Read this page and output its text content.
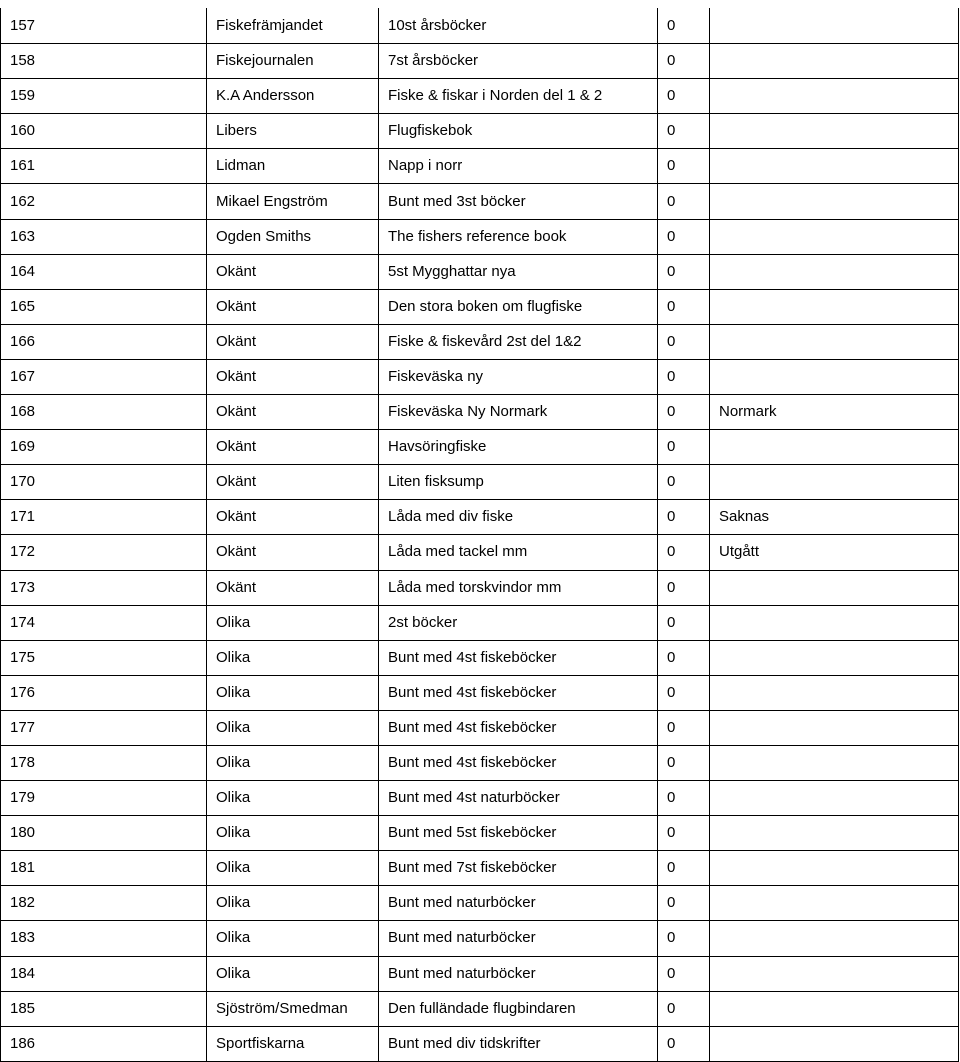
157	Fiskefrämjandet	10st årsböcker	0	
158	Fiskejournalen	7st årsböcker	0	
159	K.A Andersson	Fiske & fiskar i Norden del 1 & 2	0	
160	Libers	Flugfiskebok	0	
161	Lidman	Napp i norr	0	
162	Mikael Engström	Bunt med 3st böcker	0	
163	Ogden Smiths	The fishers reference book	0	
164	Okänt	5st Mygghattar nya	0	
165	Okänt	Den stora boken om flugfiske	0	
166	Okänt	Fiske & fiskevård 2st del 1&2	0	
167	Okänt	Fiskeväska ny	0	
168	Okänt	Fiskeväska Ny Normark	0	Normark
169	Okänt	Havsöringfiske	0	
170	Okänt	Liten fisksump	0	
171	Okänt	Låda med div fiske	0	Saknas
172	Okänt	Låda med tackel mm	0	Utgått
173	Okänt	Låda med torskvindor mm	0	
174	Olika	2st böcker	0	
175	Olika	Bunt med 4st fiskeböcker	0	
176	Olika	Bunt med 4st fiskeböcker	0	
177	Olika	Bunt med 4st fiskeböcker	0	
178	Olika	Bunt med 4st fiskeböcker	0	
179	Olika	Bunt med 4st naturböcker	0	
180	Olika	Bunt med 5st fiskeböcker	0	
181	Olika	Bunt med 7st fiskeböcker	0	
182	Olika	Bunt med naturböcker	0	
183	Olika	Bunt med naturböcker	0	
184	Olika	Bunt med naturböcker	0	
185	Sjöström/Smedman	Den fulländade flugbindaren	0	
186	Sportfiskarna	Bunt med div tidskrifter	0	
